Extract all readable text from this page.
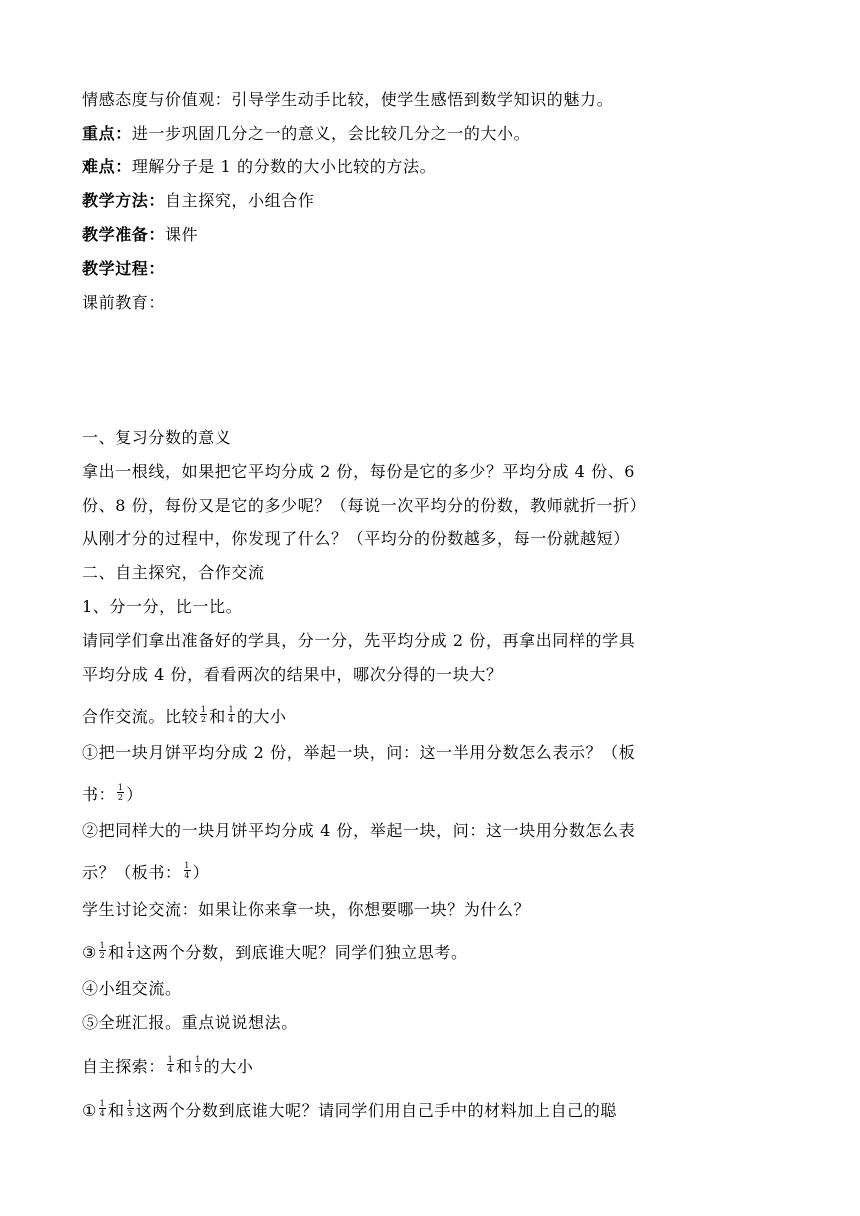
情感态度与价值观：引导学生动手比较，使学生感悟到数学知识的魅力。
重点：进一步巩固几分之一的意义，会比较几分之一的大小。
难点：理解分子是 1 的分数的大小比较的方法。
教学方法：自主探究，小组合作
教学准备：课件
教学过程：
课前教育：
一、复习分数的意义
拿出一根线，如果把它平均分成 2 份，每份是它的多少？平均分成 4 份、6
份、8 份，每份又是它的多少呢？（每说一次平均分的份数，教师就折一折）
从刚才分的过程中，你发现了什么？（平均分的份数越多，每一份就越短）
二、自主探究，合作交流
1、分一分，比一比。
请同学们拿出准备好的学具，分一分，先平均分成 2 份，再拿出同样的学具
平均分成 4 份，看看两次的结果中，哪次分得的一块大？
合作交流。比较 $\frac{1}{2}$ 和 $\frac{1}{4}$ 的大小
①把一块月饼平均分成 2 份，举起一块，问：这一半用分数怎么表示？（板
书： $\frac{1}{2}$ ）
②把同样大的一块月饼平均分成 4 份，举起一块，问：这一块用分数怎么表
示？（板书： $\frac{1}{4}$ ）
学生讨论交流：如果让你来拿一块，你想要哪一块？为什么？
③ $\frac{1}{2}$ 和 $\frac{1}{4}$ 这两个分数，到底谁大呢？同学们独立思考。
④小组交流。
⑤全班汇报。重点说说想法。
自主探索： $\frac{1}{4}$ 和 $\frac{1}{3}$ 的大小
① $\frac{1}{4}$ 和 $\frac{1}{3}$ 这两个分数到底谁大呢？请同学们用自己手中的材料加上自己的聪
